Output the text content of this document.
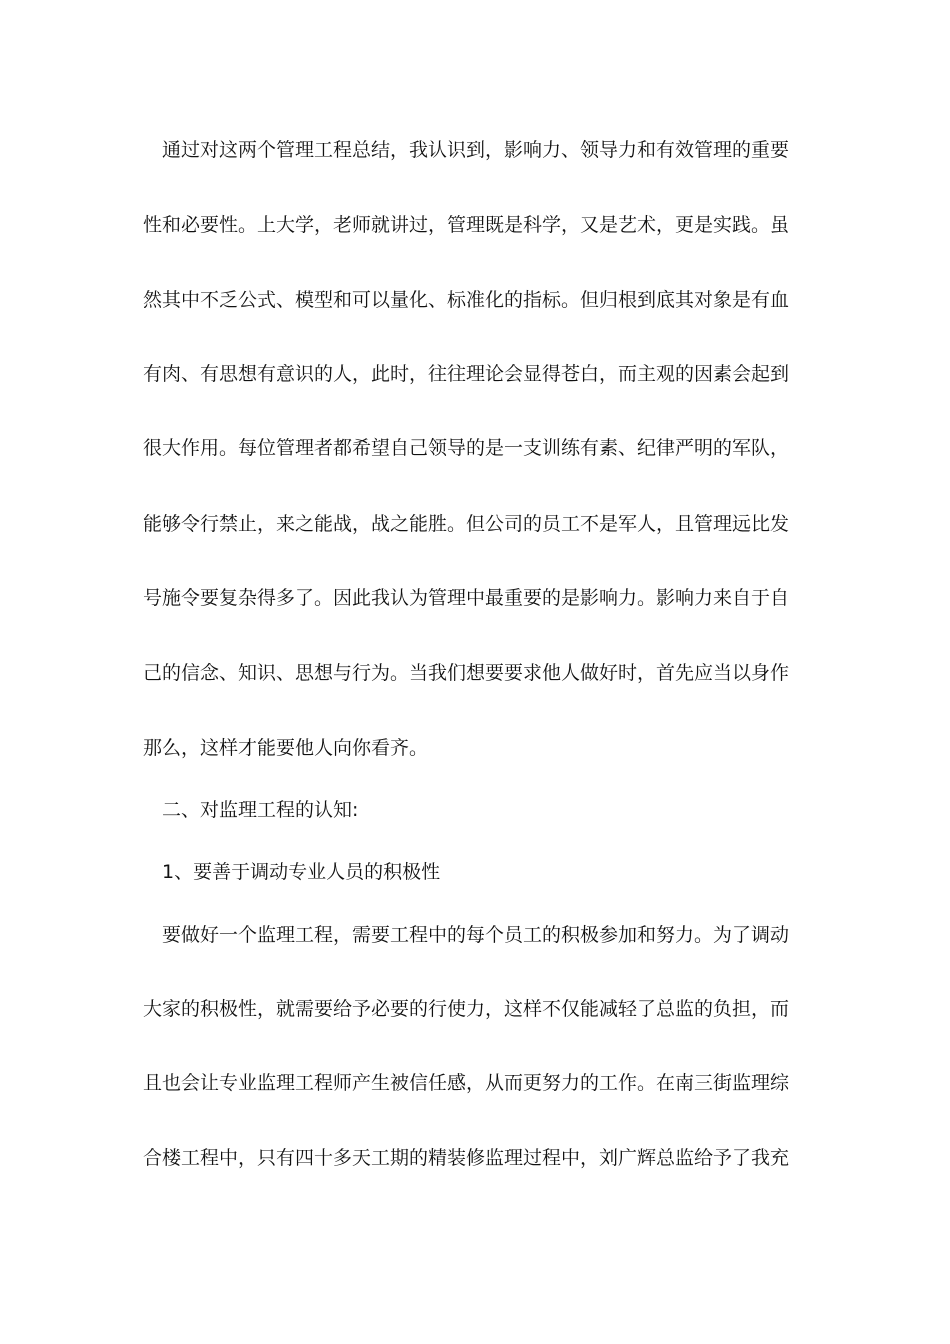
通过对这两个管理工程总结，我认识到，影响力、领导力和有效管理的重要
性和必要性。上大学，老师就讲过，管理既是科学，又是艺术，更是实践。虽
然其中不乏公式、模型和可以量化、标准化的指标。但归根到底其对象是有血
有肉、有思想有意识的人，此时，往往理论会显得苍白，而主观的因素会起到
很大作用。每位管理者都希望自己领导的是一支训练有素、纪律严明的军队，
能够令行禁止，来之能战，战之能胜。但公司的员工不是军人，且管理远比发
号施令要复杂得多了。因此我认为管理中最重要的是影响力。影响力来自于自
己的信念、知识、思想与行为。当我们想要要求他人做好时，首先应当以身作
那么，这样才能要他人向你看齐。
二、对监理工程的认知:
1、要善于调动专业人员的积极性
要做好一个监理工程，需要工程中的每个员工的积极参加和努力。为了调动
大家的积极性，就需要给予必要的行使力，这样不仅能减轻了总监的负担，而
且也会让专业监理工程师产生被信任感，从而更努力的工作。在南三街监理综
合楼工程中，只有四十多天工期的精装修监理过程中，刘广辉总监给予了我充
